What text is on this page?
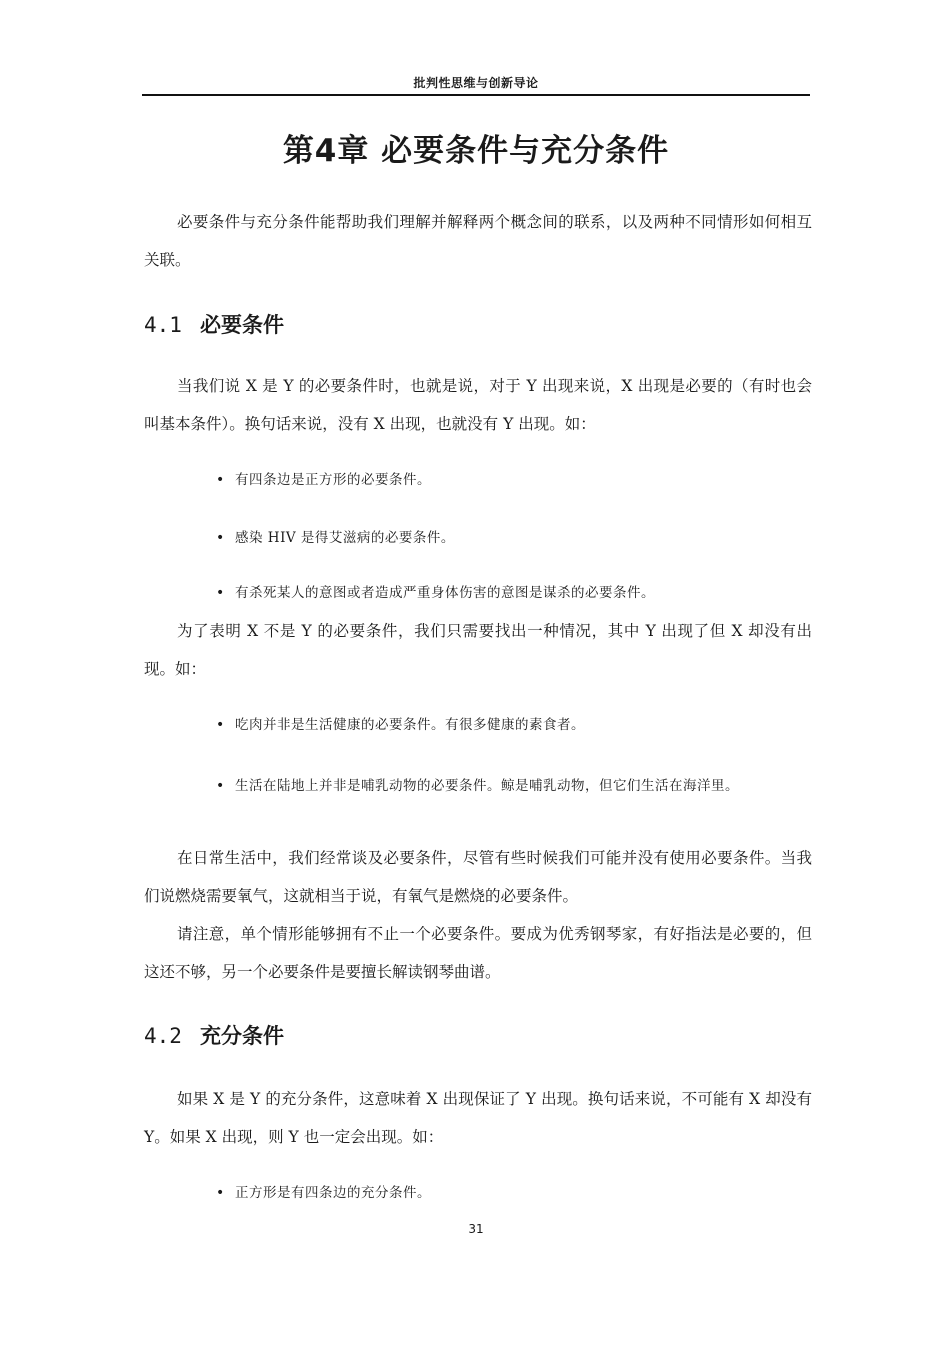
批判性思维与创新导论
第4章 必要条件与充分条件

必要条件与充分条件能帮助我们理解并解释两个概念间的联系，以及两种不同情形如何相互关联。

4.1 必要条件

当我们说 X 是 Y 的必要条件时，也就是说，对于 Y 出现来说，X 出现是必要的（有时也会叫基本条件）。换句话来说，没有 X 出现，也就没有 Y 出现。如：

• 有四条边是正方形的必要条件。
• 感染 HIV 是得艾滋病的必要条件。
• 有杀死某人的意图或者造成严重身体伤害的意图是谋杀的必要条件。

为了表明 X 不是 Y 的必要条件，我们只需要找出一种情况，其中 Y 出现了但 X 却没有出现。如：

• 吃肉并非是生活健康的必要条件。有很多健康的素食者。
• 生活在陆地上并非是哺乳动物的必要条件。鲸是哺乳动物，但它们生活在海洋里。

在日常生活中，我们经常谈及必要条件，尽管有些时候我们可能并没有使用必要条件。当我们说燃烧需要氧气，这就相当于说，有氧气是燃烧的必要条件。

请注意，单个情形能够拥有不止一个必要条件。要成为优秀钢琴家，有好指法是必要的，但这还不够，另一个必要条件是要擅长解读钢琴曲谱。

4.2 充分条件

如果 X 是 Y 的充分条件，这意味着 X 出现保证了 Y 出现。换句话来说，不可能有 X 却没有 Y。如果 X 出现，则 Y 也一定会出现。如：

• 正方形是有四条边的充分条件。
31
